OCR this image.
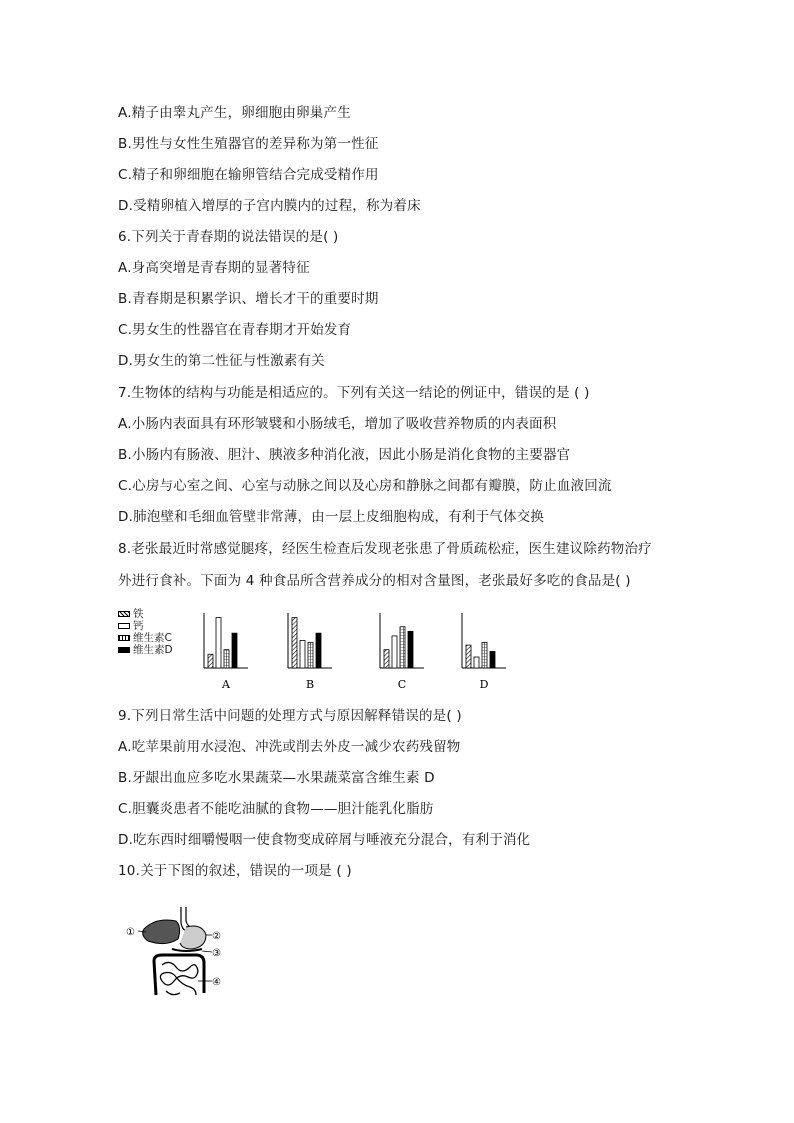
A.精子由睾丸产生，卵细胞由卵巢产生
B.男性与女性生殖器官的差异称为第一性征
C.精子和卵细胞在输卵管结合完成受精作用
D.受精卵植入增厚的子宫内膜内的过程，称为着床
6.下列关于青春期的说法错误的是( )
A.身高突增是青春期的显著特征
B.青春期是积累学识、增长才干的重要时期
C.男女生的性器官在青春期才开始发育
D.男女生的第二性征与性激素有关
7.生物体的结构与功能是相适应的。下列有关这一结论的例证中，错误的是 ( )
A.小肠内表面具有环形皱襞和小肠绒毛，增加了吸收营养物质的内表面积
B.小肠内有肠液、胆汁、胰液多种消化液，因此小肠是消化食物的主要器官
C.心房与心室之间、心室与动脉之间以及心房和静脉之间都有瓣膜，防止血液回流
D.肺泡壁和毛细血管壁非常薄，由一层上皮细胞构成，有利于气体交换
8.老张最近时常感觉腿疼，经医生检查后发现老张患了骨质疏松症，医生建议除药物治疗
外进行食补。下面为 4 种食品所含营养成分的相对含量图，老张最好多吃的食品是( )
铁
钙
维生素C
维生素D
A	B	C	D
9.下列日常生活中问题的处理方式与原因解释错误的是( )
A.吃苹果前用水浸泡、冲洗或削去外皮一减少农药残留物
B.牙龈出血应多吃水果蔬菜—水果蔬菜富含维生素 D
C.胆囊炎患者不能吃油腻的食物——胆汁能乳化脂肪
D.吃东西时细嚼慢咽一使食物变成碎屑与唾液充分混合，有利于消化
10.关于下图的叙述，错误的一项是 ( )
①	②
③
④
